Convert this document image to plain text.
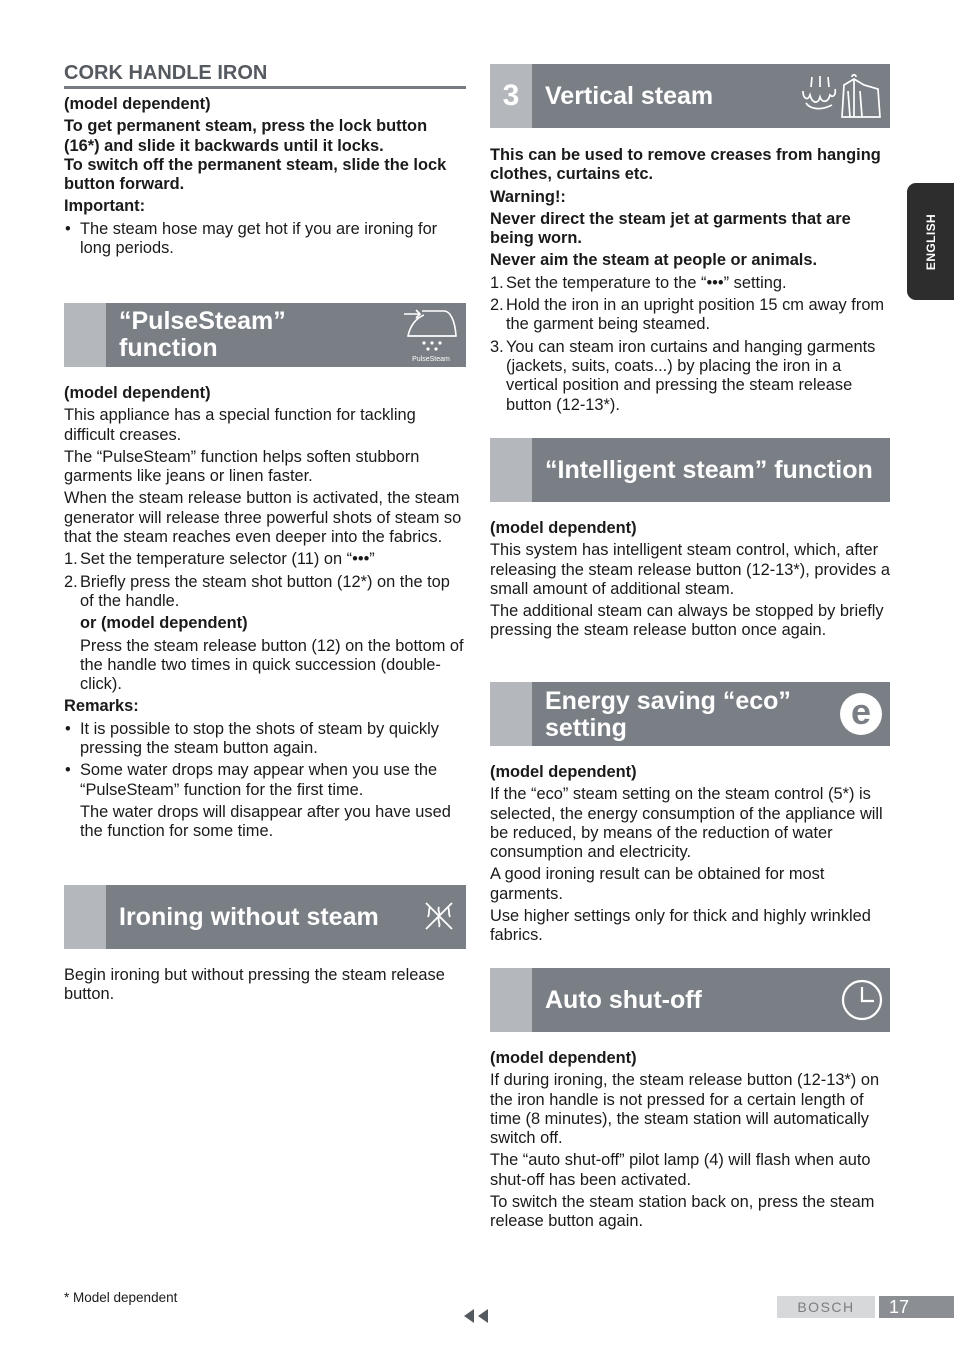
CORK HANDLE IRON

(model dependent)

To get permanent steam, press the lock button (16*) and slide it backwards until it locks.

To switch off the permanent steam, slide the lock button forward.

Important:

• The steam hose may get hot if you are ironing for long periods.
“PulseSteam”
function	PulseSteam

(model dependent)

This appliance has a special function for tackling difficult creases.

The “PulseSteam” function helps soften stubborn garments like jeans or linen faster.

When the steam release button is activated, the steam generator will release three powerful shots of steam so that the steam reaches even deeper into the fabrics.

1. Set the temperature selector (11) on “•••”
2. Briefly press the steam shot button (12*) on the top of the handle.

or (model dependent)

Press the steam release button (12) on the bottom of the handle two times in quick succession (double-click).

Remarks:

• It is possible to stop the shots of steam by quickly pressing the steam button again.
• Some water drops may appear when you use the “PulseSteam” function for the first time.

The water drops will disappear after you have used the function for some time.

Ironing without steam

Begin ironing but without pressing the steam release button.

3	Vertical steam

This can be used to remove creases from hanging clothes, curtains etc.

Warning!:

Never direct the steam jet at garments that are being worn.

Never aim the steam at people or animals.

1. Set the temperature to the “•••” setting.
2. Hold the iron in an upright position 15 cm away from the garment being steamed.
3. You can steam iron curtains and hanging garments (jackets, suits, coats...) by placing the iron in a vertical position and pressing the steam release button (12-13*).
“Intelligent steam” function

(model dependent)

This system has intelligent steam control, which, after releasing the steam release button (12-13*), provides a small amount of additional steam.

The additional steam can always be stopped by briefly pressing the steam release button once again.

Energy saving “eco”
setting	e

(model dependent)

If the “eco” steam setting on the steam control (5*) is selected, the energy consumption of the appliance will be reduced, by means of the reduction of water consumption and electricity.

A good ironing result can be obtained for most garments.

Use higher settings only for thick and highly wrinkled fabrics.

Auto shut-off

(model dependent)

If during ironing, the steam release button (12-13*) on the iron handle is not pressed for a certain length of time (8 minutes), the steam station will automatically switch off.

The “auto shut-off” pilot lamp (4) will flash when auto shut-off has been activated.

To switch the steam station back on, press the steam release button again.

ENGLISH
* Model dependent
BOSCH	17
